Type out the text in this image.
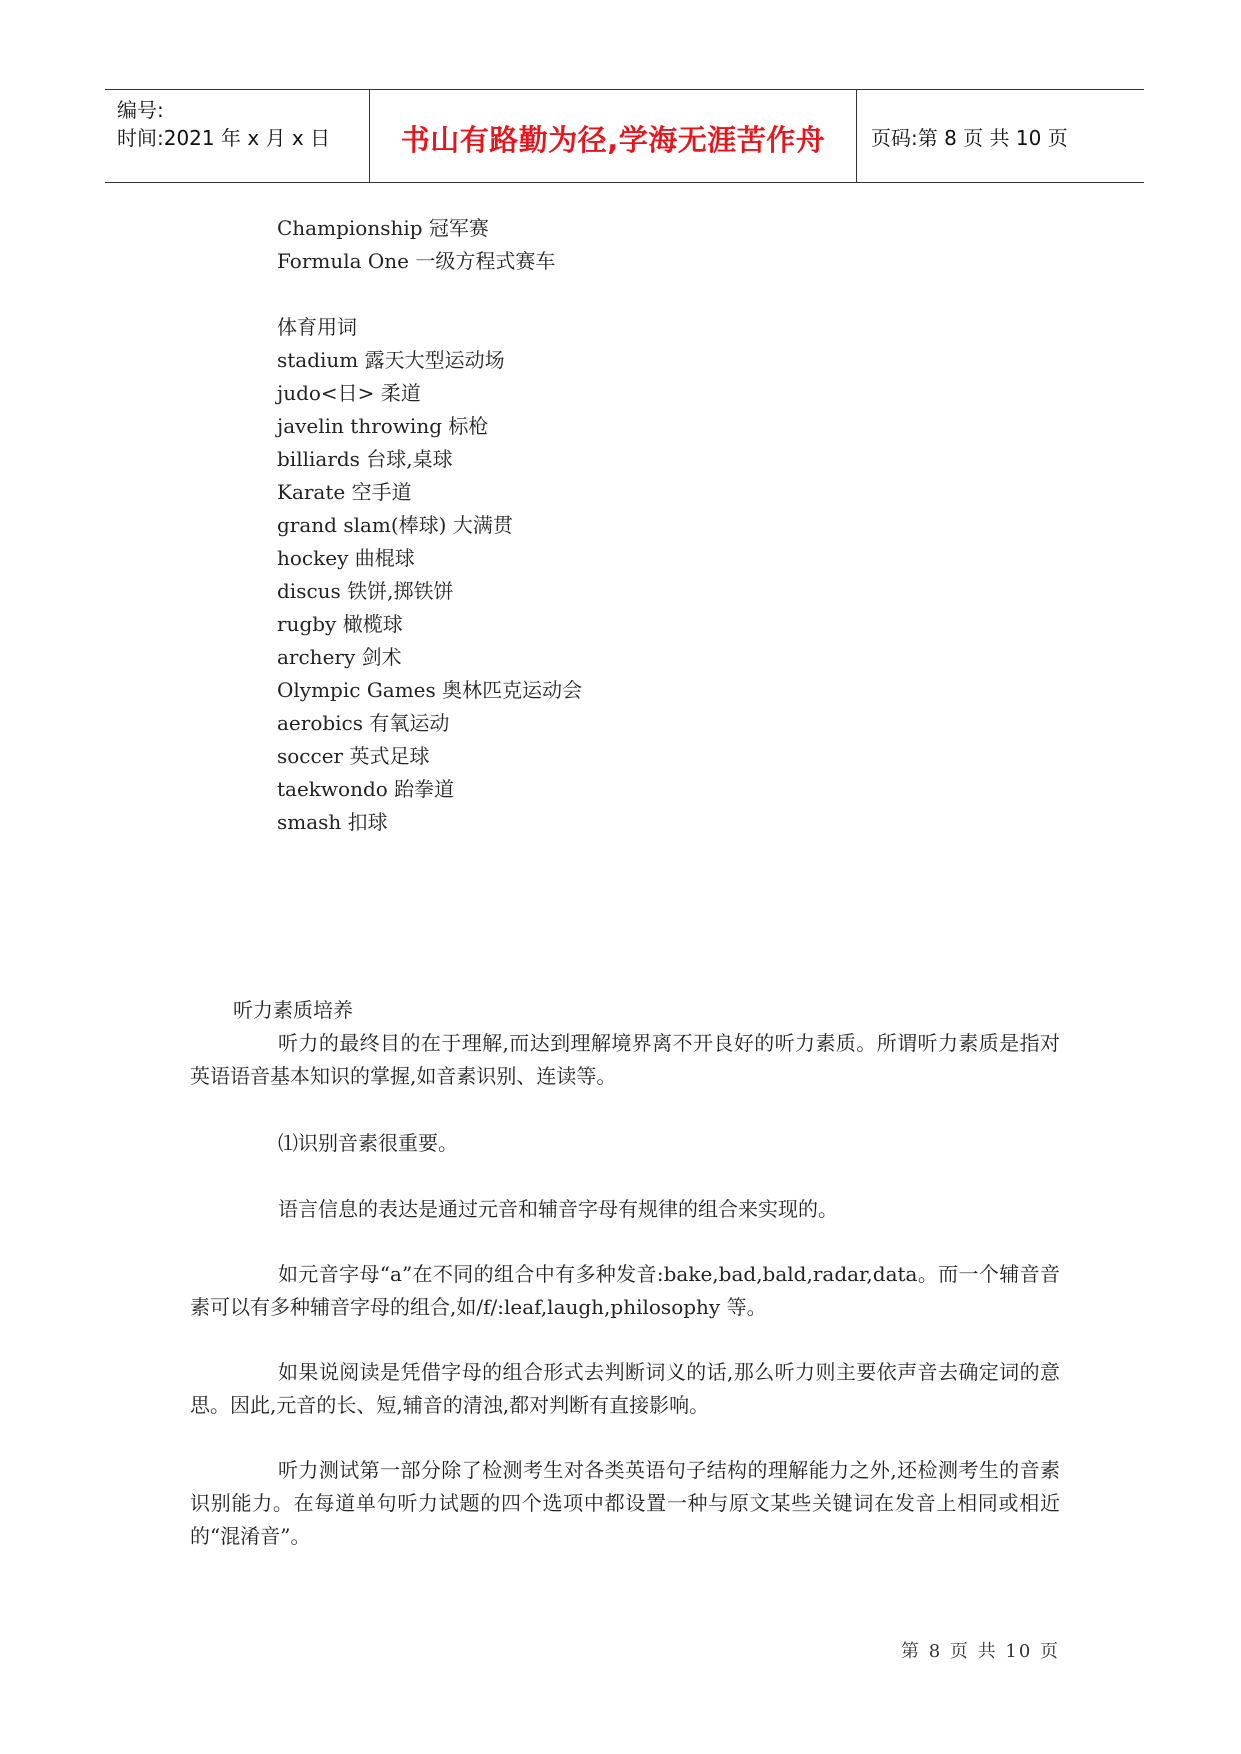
编号:
时间:2021 年 x 月 x 日 书山有路勤为径,学海无涯苦作舟 页码:第 8 页 共 10 页
Championship 冠军赛
Formula One 一级方程式赛车
体育用词
stadium 露天大型运动场
judo<日> 柔道
javelin throwing 标枪
billiards 台球,桌球
Karate 空手道
grand slam(棒球) 大满贯
hockey 曲棍球
discus 铁饼,掷铁饼
rugby 橄榄球
archery 剑术
Olympic Games 奥林匹克运动会
aerobics 有氧运动
soccer 英式足球
taekwondo 跆拳道
smash 扣球
听力素质培养
听力的最终目的在于理解,而达到理解境界离不开良好的听力素质。所谓听力素质是指对英语语音基本知识的掌握,如音素识别、连读等。
⑴识别音素很重要。
语言信息的表达是通过元音和辅音字母有规律的组合来实现的。
如元音字母“a”在不同的组合中有多种发音:bake,bad,bald,radar,data。而一个辅音音素可以有多种辅音字母的组合,如/f/:leaf,laugh,philosophy 等。
如果说阅读是凭借字母的组合形式去判断词义的话,那么听力则主要依声音去确定词的意思。因此,元音的长、短,辅音的清浊,都对判断有直接影响。
听力测试第一部分除了检测考生对各类英语句子结构的理解能力之外,还检测考生的音素识别能力。在每道单句听力试题的四个选项中都设置一种与原文某些关键词在发音上相同或相近的“混淆音”。
第 8 页 共 10 页
